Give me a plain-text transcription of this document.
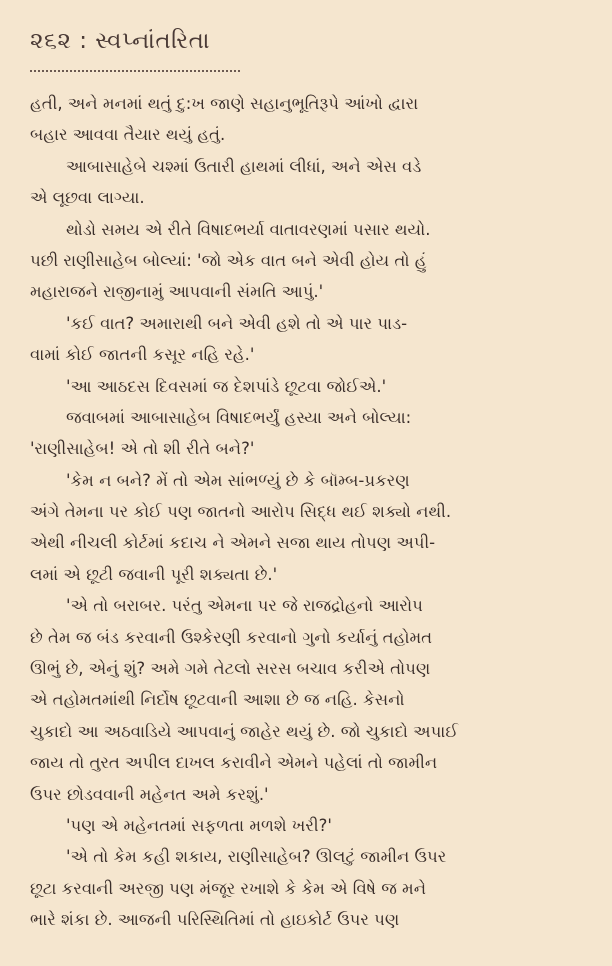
૨૬૨ : સ્વપ્નાંતરિતા
હતી, અને મનમાં થતું દુ:ખ જાણે સહાનુભૂતિરૂપે આંખો દ્વારા
બહાર આવવા તૈયાર થયું હતું.
આબાસાહેબે ચશ્માં ઉતારી હાથમાં લીધાં, અને એસ વડે
એ લૂછવા લાગ્યા.
થોડો સમય એ રીતે વિષાદભર્યા વાતાવરણમાં પસાર થયો.
પછી રાણીસાહેબ બોલ્યાં: 'જો એક વાત બને એવી હોય તો હું
મહારાજને રાજીનામું આપવાની સંમતિ આપું.'
'કઈ વાત? અમારાથી બને એવી હશે તો એ પાર પાડ-
વામાં કોઈ જાતની કસૂર નહિ રહે.'
'આ આઠદસ દિવસમાં જ દેશપાંડે છૂટવા જોઈએ.'
જવાબમાં આબાસાહેબ વિષાદભર્યું હસ્યા અને બોલ્યા:
'રાણીસાહેબ! એ તો શી રીતે બને?'
'કેમ ન બને? મેં તો એમ સાંભળ્યું છે કે બૉમ્બ-પ્રકરણ
અંગે તેમના પર કોઈ પણ જાતનો આરોપ સિદ્ધ થઈ શક્યો નથી.
એથી નીચલી કોર્ટમાં કદાચ ને એમને સજા થાય તોપણ અપી-
લમાં એ છૂટી જવાની પૂરી શક્યતા છે.'
'એ તો બરાબર. પરંતુ એમના પર જે રાજદ્રોહનો આરોપ
છે તેમ જ બંડ કરવાની ઉશ્કેરણી કરવાનો ગુનો કર્યાનું તહોમત
ઊભું છે, એનું શું? અમે ગમે તેટલો સરસ બચાવ કરીએ તોપણ
એ તહોમતમાંથી નિર્દોષ છૂટવાની આશા છે જ નહિ. કેસનો
ચુકાદો આ અઠવાડિયે આપવાનું જાહેર થયું છે. જો ચુકાદો અપાઈ
જાય તો તુરત અપીલ દાખલ કરાવીને એમને પહેલાં તો જામીન
ઉપર છોડવવાની મહેનત અમે કરશું.'
'પણ એ મહેનતમાં સફળતા મળશે ખરી?'
'એ તો કેમ કહી શકાય, રાણીસાહેબ? ઊલટું જામીન ઉપર
છૂટા કરવાની અરજી પણ મંજૂર રખાશે કે કેમ એ વિષે જ મને
ભારે શંકા છે. આજની પરિસ્થિતિમાં તો હાઇકોર્ટ ઉપર પણ
